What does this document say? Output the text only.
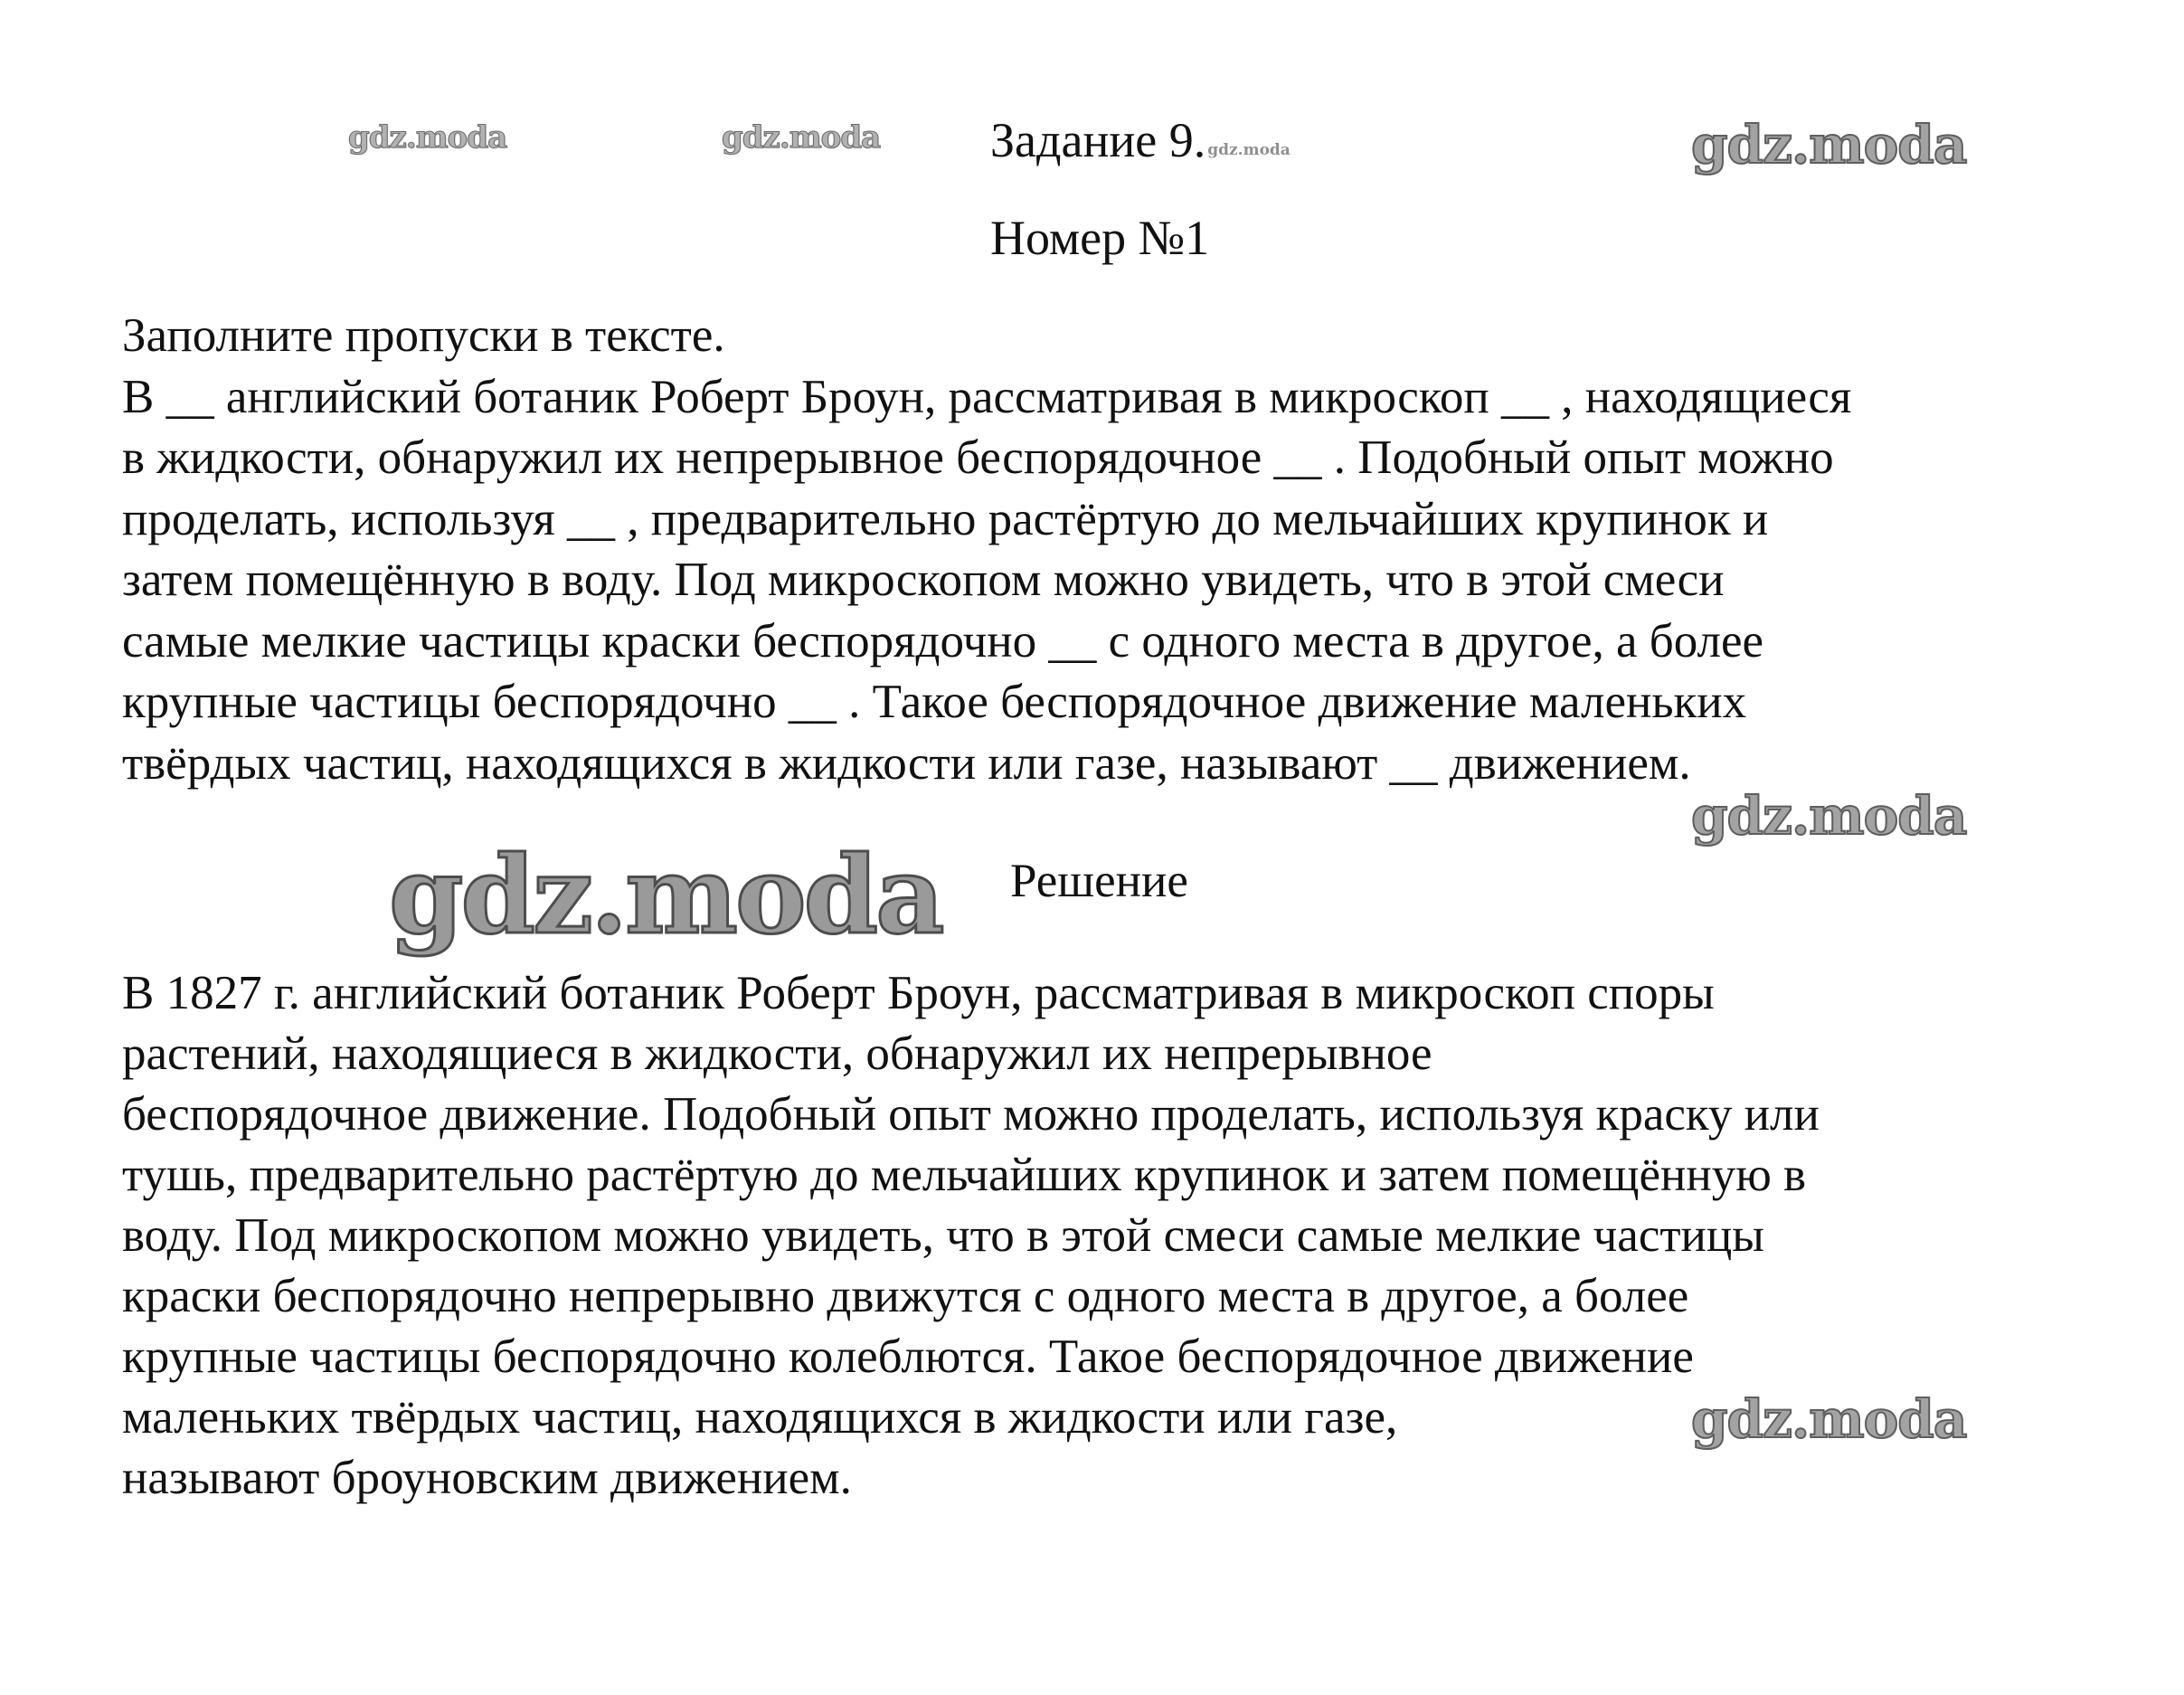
gdz.moda	gdz.moda Задание 9. gdz.moda	gdz.moda
Номер №1
Заполните пропуски в тексте.
В __ английский ботаник Роберт Броун, рассматривая в микроскоп __ , находящиеся
в жидкости, обнаружил их непрерывное беспорядочное __ . Подобный опыт можно
проделать, используя __ , предварительно растёртую до мельчайших крупинок и
затем помещённую в воду. Под микроскопом можно увидеть, что в этой смеси
самые мелкие частицы краски беспорядочно __ с одного места в другое, а более
крупные частицы беспорядочно __ . Такое беспорядочное движение маленьких
твёрдых частиц, находящихся в жидкости или газе, называют __ движением.
gdz.moda
gdz.moda Решение
В 1827 г. английский ботаник Роберт Броун, рассматривая в микроскоп споры
растений, находящиеся в жидкости, обнаружил их непрерывное
беспорядочное движение. Подобный опыт можно проделать, используя краску или
тушь, предварительно растёртую до мельчайших крупинок и затем помещённую в
воду. Под микроскопом можно увидеть, что в этой смеси самые мелкие частицы
краски беспорядочно непрерывно движутся с одного места в другое, а более
крупные частицы беспорядочно колеблются. Такое беспорядочное движение
маленьких твёрдых частиц, находящихся в жидкости или газе,
называют броуновским движением.
gdz.moda
